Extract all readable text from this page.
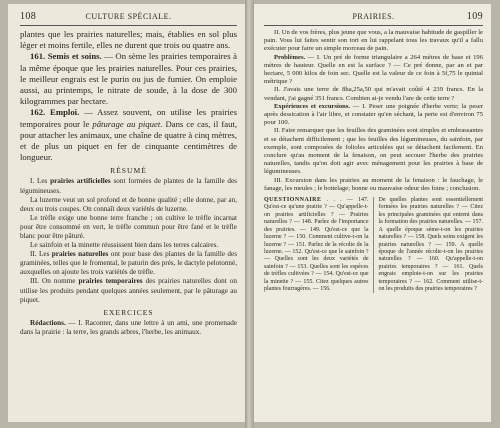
108	CULTURE SPÉCIALE.

plantes que les prairies naturelles; mais, établies en sol plus léger et moins fertile, elles ne durent que trois ou quatre ans.

161. Semis et soins. — On sème les prairies temporaires à la même époque que les prairies naturelles. Pour ces prairies, le meilleur engrais est le purin ou jus de fumier. On emploie aussi, au printemps, le nitrate de soude, à la dose de 300 kilogrammes par hectare.

162. Emploi. — Assez souvent, on utilise les prairies temporaires pour le pâturage au piquet. Dans ce cas, il faut, pour attacher les animaux, une chaîne de quatre à cinq mètres, et de plus un piquet en fer de cinquante centimètres de longueur.

RÉSUMÉ

I. Les prairies artificielles sont formées de plantes de la famille des légumineuses.

La luzerne veut un sol profond et de bonne qualité ; elle donne, par an, deux ou trois coupes. On connaît deux variétés de luzerne.

Le trèfle exige une bonne terre franche ; on cultive le trèfle incarnat pour être consommé en vert, le trèfle commun pour être fané et le trèfle blanc pour être pâturé.

Le sainfoin et la minette réussissent bien dans les terres calcaires.

II. Les prairies naturelles ont pour base des plantes de la famille des graminées, telles que le fromental, le paturin des prés, le dactyle pelotonné, auxquelles on ajoute les trois variétés de trèfle.

III. On nomme prairies temporaires des prairies naturelles dont on utilise les produits pendant quelques années seulement, par le pâturage au piquet.

EXERCICES

Rédactions. — I. Raconter, dans une lettre à un ami, une promenade dans la prairie : la terre, les grands arbres, l'herbe, les animaux.

PRAIRIES.	109

II. Un de vos frères, plus jeune que vous, a la mauvaise habitude de gaspiller le pain. Vous lui faites sentir son tort en lui rappelant tous les travaux qu'il a fallu exécuter pour faire un simple morceau de pain.

Problèmes. — I. Un pré de forme triangulaire a 264 mètres de base et 196 mètres de hauteur. Quelle en est la surface ? — Ce pré donne, par an et par hectare, 5 000 kilos de foin sec. Quelle est la valeur de ce foin à 5f,75 le quintal métrique ?

II. J'avais une terre de 8ha,25a,50 qui m'avait coûté 4 239 francs. En la vendant, j'ai gagné 351 francs. Combien ai-je vendu l'are de cette terre ?

Expériences et excursions. — I. Peser une poignée d'herbe verte; la peser après dessication à l'air libre, et constater qu'en séchant, la perte est d'environ 75 pour 100.

II. Faire remarquer que les feuilles des graminées sont simples et embrassantes et se détachent difficilement ; que les feuilles des légumineuses, du sainfoin, par exemple, sont composées de folioles articulées qui se détachent facilement. En conclure qu'au moment de la fenaison, on peut secouer l'herbe des prairies naturelles, tandis qu'on doit agir avec ménagement pour les prairies à base de légumineuses.

III. Excursion dans les prairies au moment de la fenaison : le fauchage, le fanage, les meules ; le bottelage; bonne ou mauvaise odeur des foins ; conclusion.

QUESTIONNAIRE . . . — 147. Qu'est-ce qu'une prairie ? — Qu'appelle-t-on prairies artificielles ? — Prairies naturelles ? — 148. Parlez de l'importance des prairies. — 149. Qu'est-ce que la luzerne ? — 150. Comment cultive-t-on la luzerne ? — 151. Parlez de la récolte de la luzerne. — 152. Qu'est-ce que le sainfoin ? — Quelles sont les deux variétés de sainfoin ? — 153. Quelles sont les espèces de trèfles cultivées ? — 154. Qu'est-ce que la minette ? — 155. Citez quelques autres plantes fourragères. — 156.
De quelles plantes sont essentiellement formées les prairies naturelles ? — Citez les principales graminées qui entrent dans la formation des prairies naturelles. — 157. A quelle époque sème-t-on les prairies naturelles ? — 158. Quels soins exigent les prairies naturelles ? — 159. A quelle époque de l'année récolte-t-on les prairies naturelles ? — 160. Qu'appelle-t-on prairies temporaires ? — 161. Quels engrais emploie-t-on sur les prairies temporaires ? — 162. Comment utilise-t-on les produits des prairies temporaires ?
